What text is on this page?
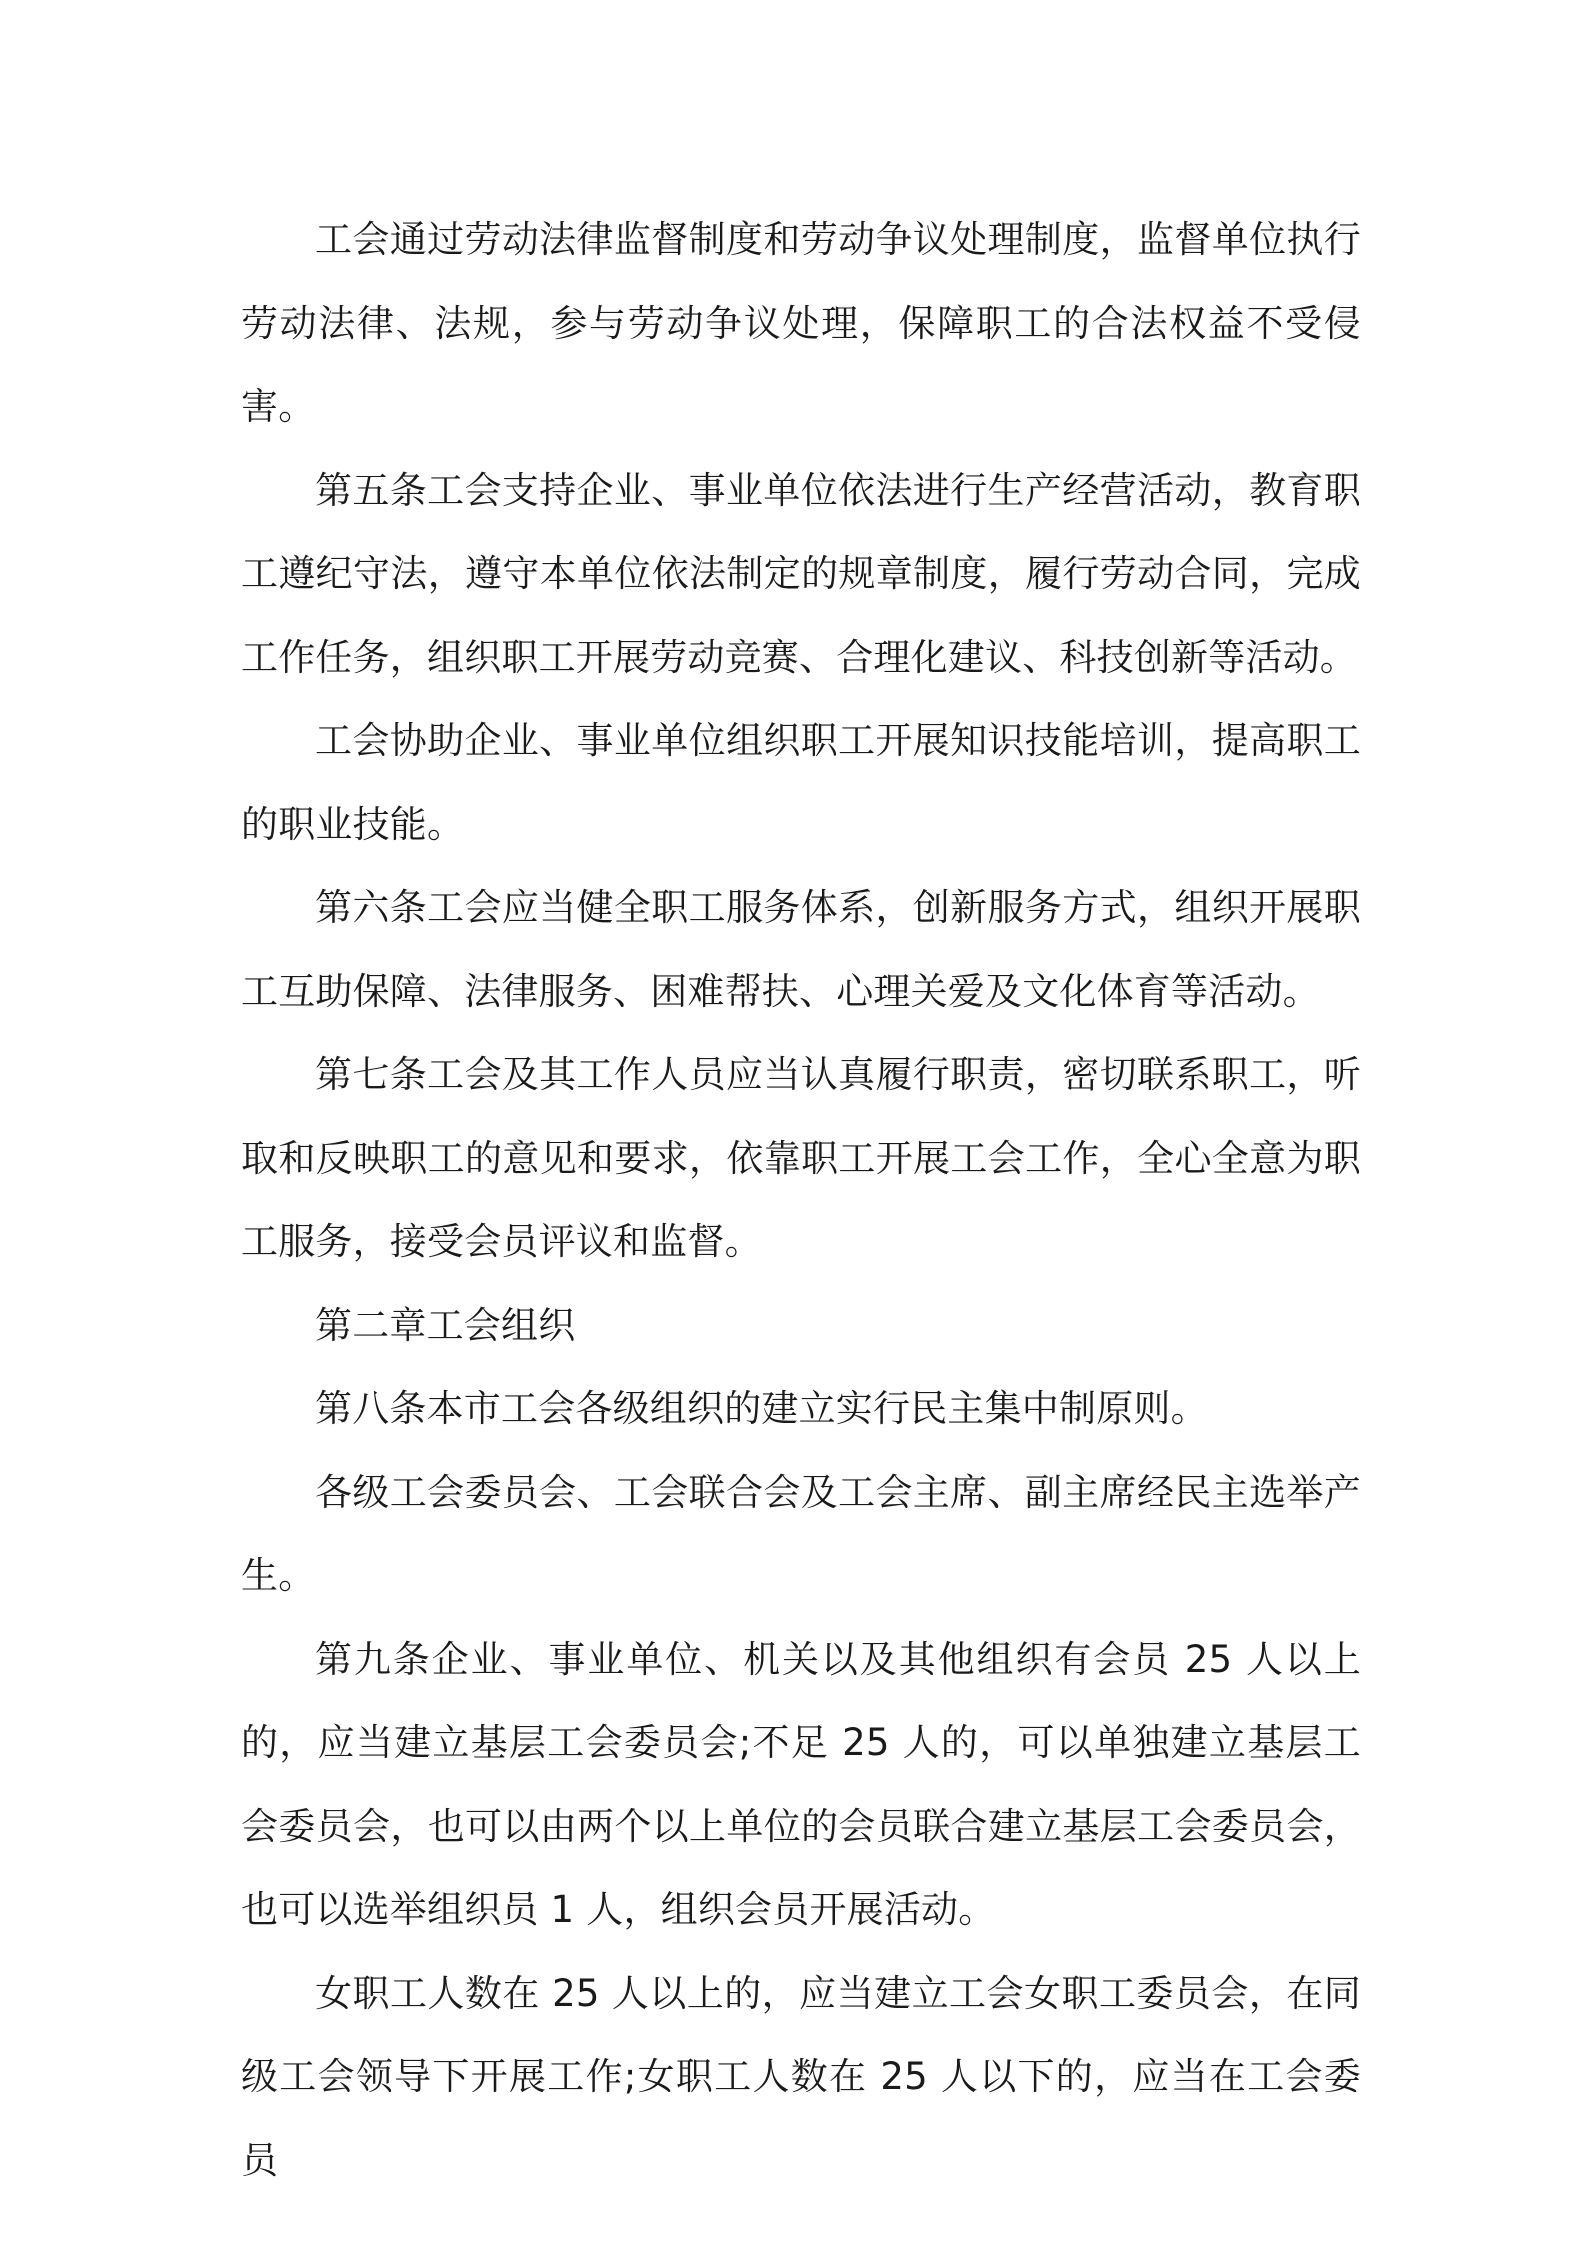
工会通过劳动法律监督制度和劳动争议处理制度，监督单位执行劳动法律、法规，参与劳动争议处理，保障职工的合法权益不受侵害。

第五条工会支持企业、事业单位依法进行生产经营活动，教育职工遵纪守法，遵守本单位依法制定的规章制度，履行劳动合同，完成工作任务，组织职工开展劳动竞赛、合理化建议、科技创新等活动。

工会协助企业、事业单位组织职工开展知识技能培训，提高职工的职业技能。

第六条工会应当健全职工服务体系，创新服务方式，组织开展职工互助保障、法律服务、困难帮扶、心理关爱及文化体育等活动。

第七条工会及其工作人员应当认真履行职责，密切联系职工，听取和反映职工的意见和要求，依靠职工开展工会工作，全心全意为职工服务，接受会员评议和监督。

第二章工会组织

第八条本市工会各级组织的建立实行民主集中制原则。

各级工会委员会、工会联合会及工会主席、副主席经民主选举产生。

第九条企业、事业单位、机关以及其他组织有会员 25 人以上的，应当建立基层工会委员会;不足 25 人的，可以单独建立基层工会委员会，也可以由两个以上单位的会员联合建立基层工会委员会，也可以选举组织员 1 人，组织会员开展活动。

女职工人数在 25 人以上的，应当建立工会女职工委员会，在同级工会领导下开展工作;女职工人数在 25 人以下的，应当在工会委员
